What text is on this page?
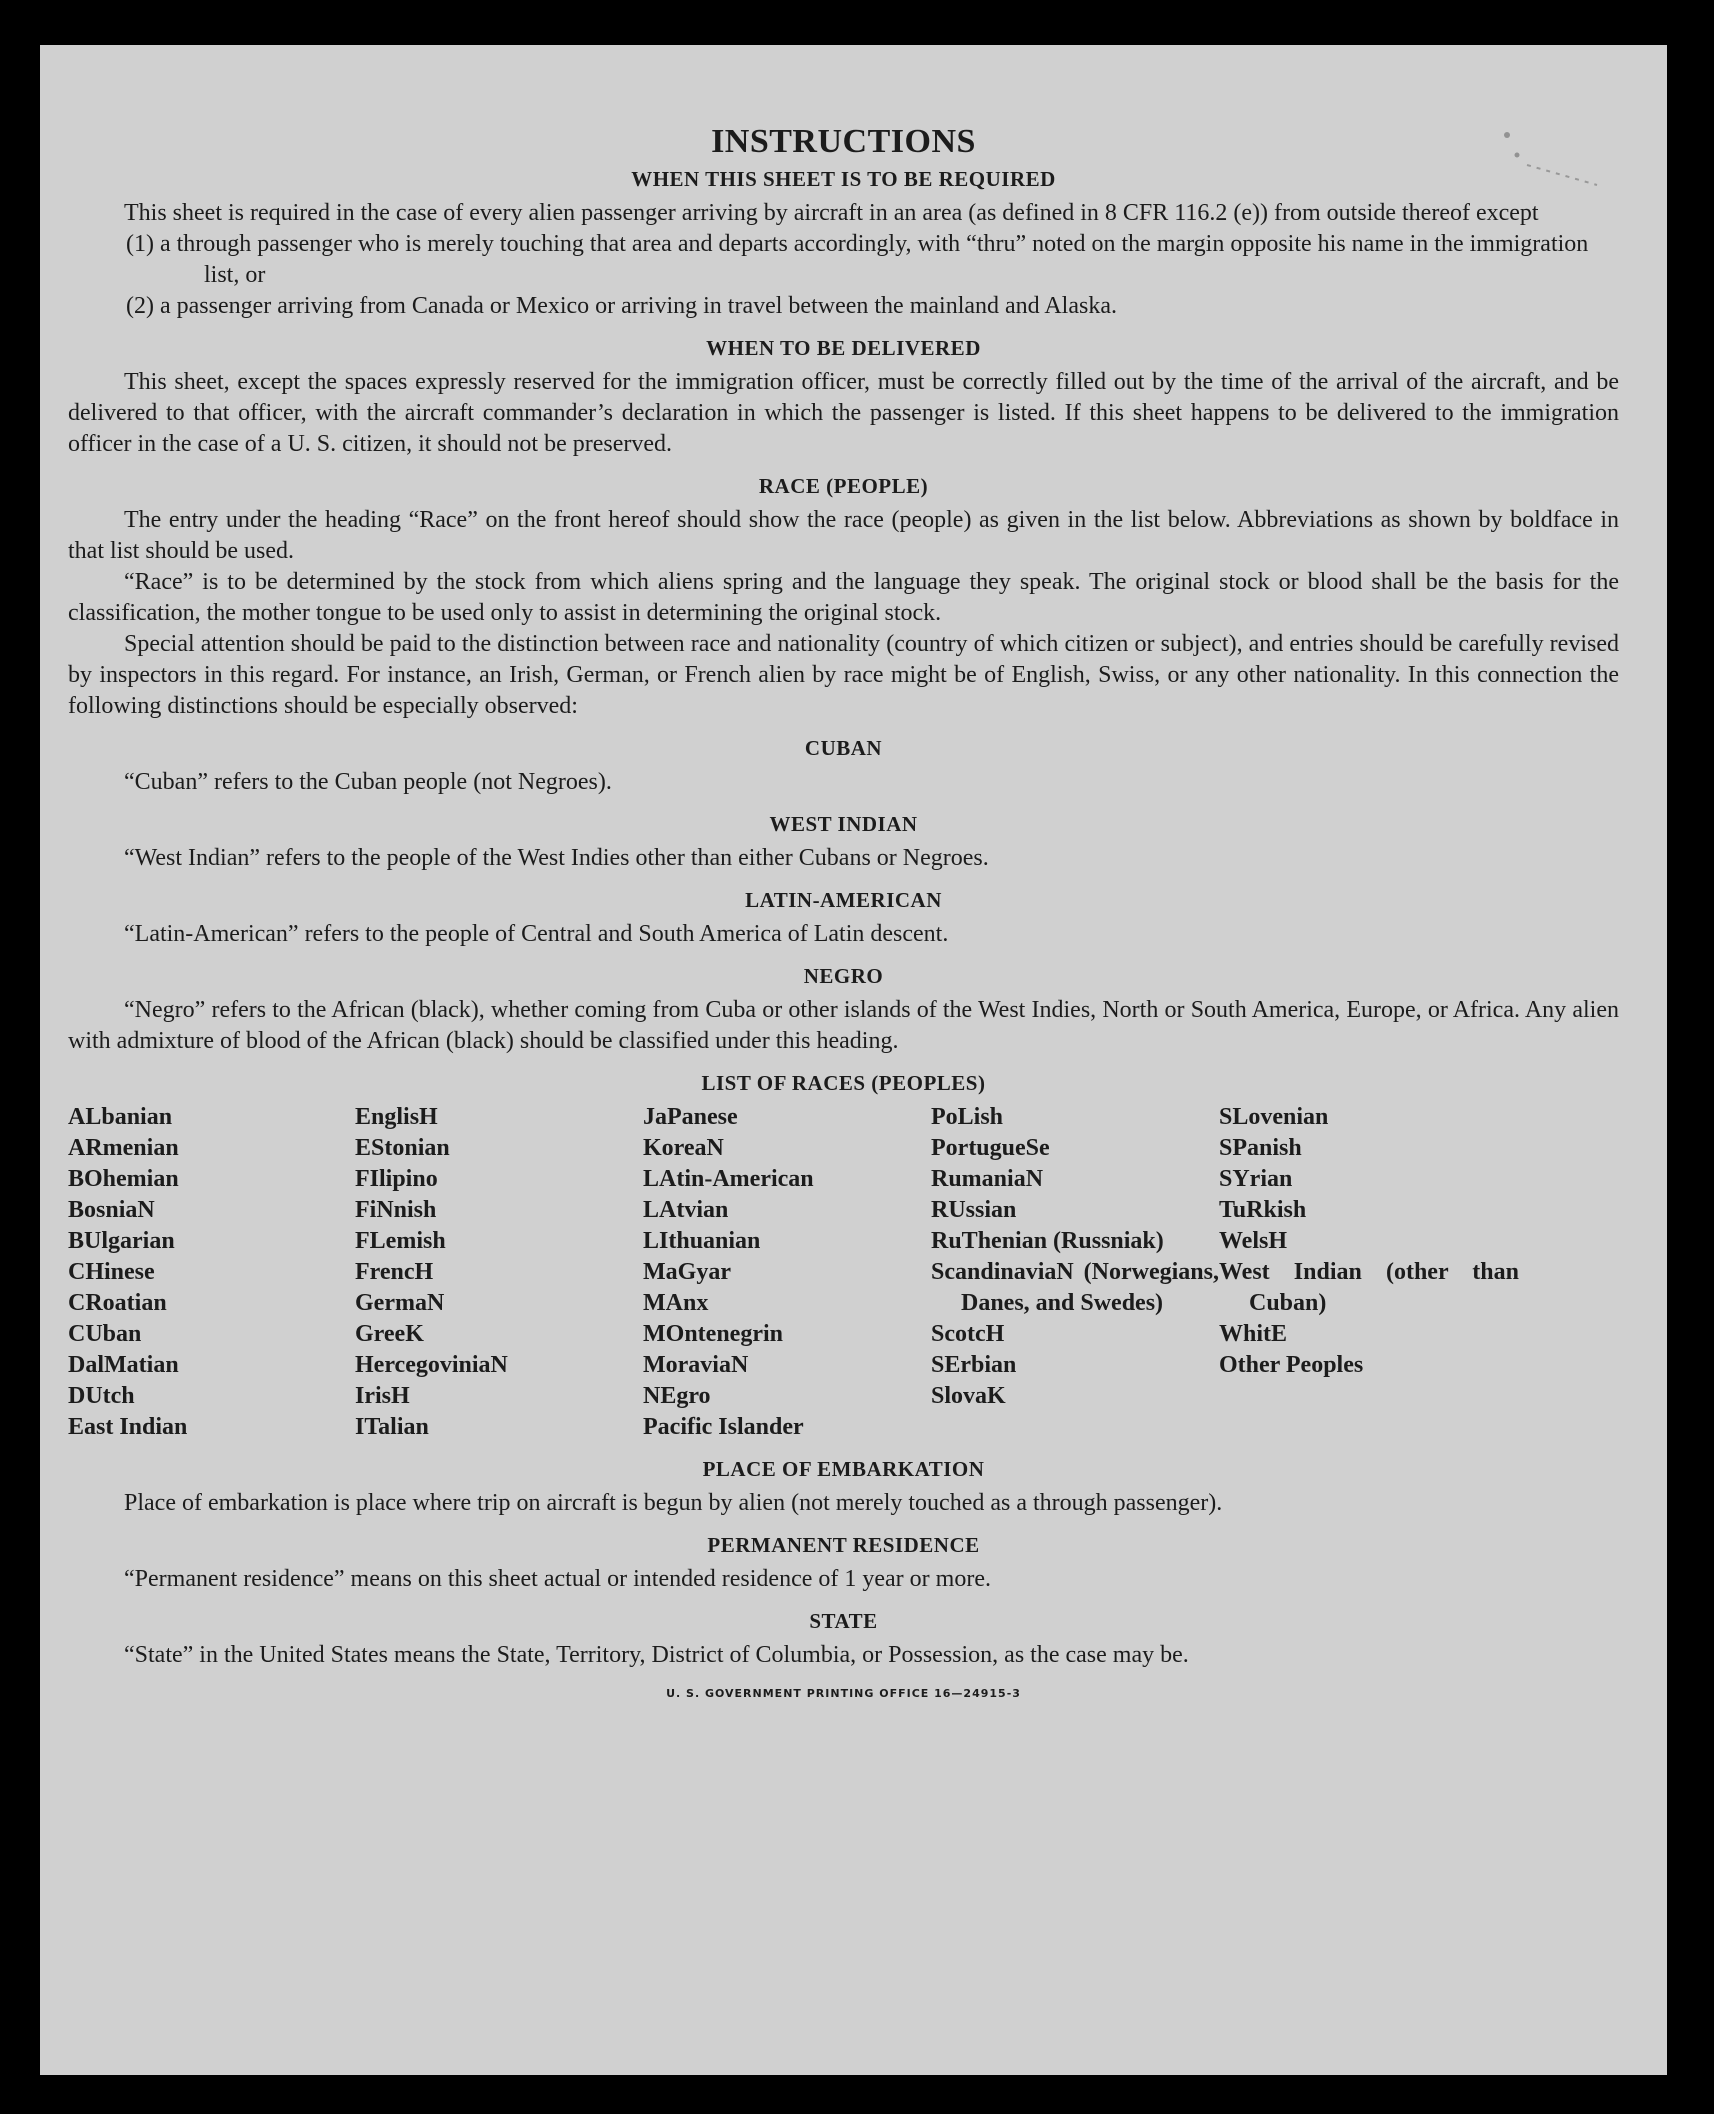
INSTRUCTIONS
WHEN THIS SHEET IS TO BE REQUIRED

This sheet is required in the case of every alien passenger arriving by aircraft in an area (as defined in 8 CFR 116.2 (e)) from outside thereof except

(1) a through passenger who is merely touching that area and departs accordingly, with “thru” noted on the margin opposite his name in the immigration list, or

(2) a passenger arriving from Canada or Mexico or arriving in travel between the mainland and Alaska.

WHEN TO BE DELIVERED

This sheet, except the spaces expressly reserved for the immigration officer, must be correctly filled out by the time of the arrival of the aircraft, and be delivered to that officer, with the aircraft commander’s declaration in which the passenger is listed. If this sheet happens to be delivered to the immigration officer in the case of a U. S. citizen, it should not be preserved.

RACE (PEOPLE)

The entry under the heading “Race” on the front hereof should show the race (people) as given in the list below. Abbreviations as shown by boldface in that list should be used.

“Race” is to be determined by the stock from which aliens spring and the language they speak. The original stock or blood shall be the basis for the classification, the mother tongue to be used only to assist in determining the original stock.

Special attention should be paid to the distinction between race and nationality (country of which citizen or subject), and entries should be carefully revised by inspectors in this regard. For instance, an Irish, German, or French alien by race might be of English, Swiss, or any other nationality. In this connection the following distinctions should be especially observed:

CUBAN

“Cuban” refers to the Cuban people (not Negroes).

WEST INDIAN

“West Indian” refers to the people of the West Indies other than either Cubans or Negroes.

LATIN-AMERICAN

“Latin-American” refers to the people of Central and South America of Latin descent.

NEGRO

“Negro” refers to the African (black), whether coming from Cuba or other islands of the West Indies, North or South America, Europe, or Africa. Any alien with admixture of blood of the African (black) should be classified under this heading.

LIST OF RACES (PEOPLES)
ALbanian
ARmenian
BOhemian
BosniaN
BUlgarian
CHinese
CRoatian
CUban
DalMatian
DUtch
East Indian
EnglisH
EStonian
FIlipino
FiNnish
FLemish
FrencH
GermaN
GreeK
HercegoviniaN
IrisH
ITalian
JaPanese
KoreaN
LAtin-American
LAtvian
LIthuanian
MaGyar
MAnx
MOntenegrin
MoraviaN
NEgro
Pacific Islander
PoLish
PortugueSe
RumaniaN
RUssian
RuThenian (Russniak)
ScandinaviaN (Norwegians, Danes, and Swedes)
ScotcH
SErbian
SlovaK
SLovenian
SPanish
SYrian
TuRkish
WelsH
West Indian (other than Cuban)
WhitE
Other Peoples
PLACE OF EMBARKATION

Place of embarkation is place where trip on aircraft is begun by alien (not merely touched as a through passenger).

PERMANENT RESIDENCE

“Permanent residence” means on this sheet actual or intended residence of 1 year or more.

STATE

“State” in the United States means the State, Territory, District of Columbia, or Possession, as the case may be.

U. S. GOVERNMENT PRINTING OFFICE 16—24915-3
